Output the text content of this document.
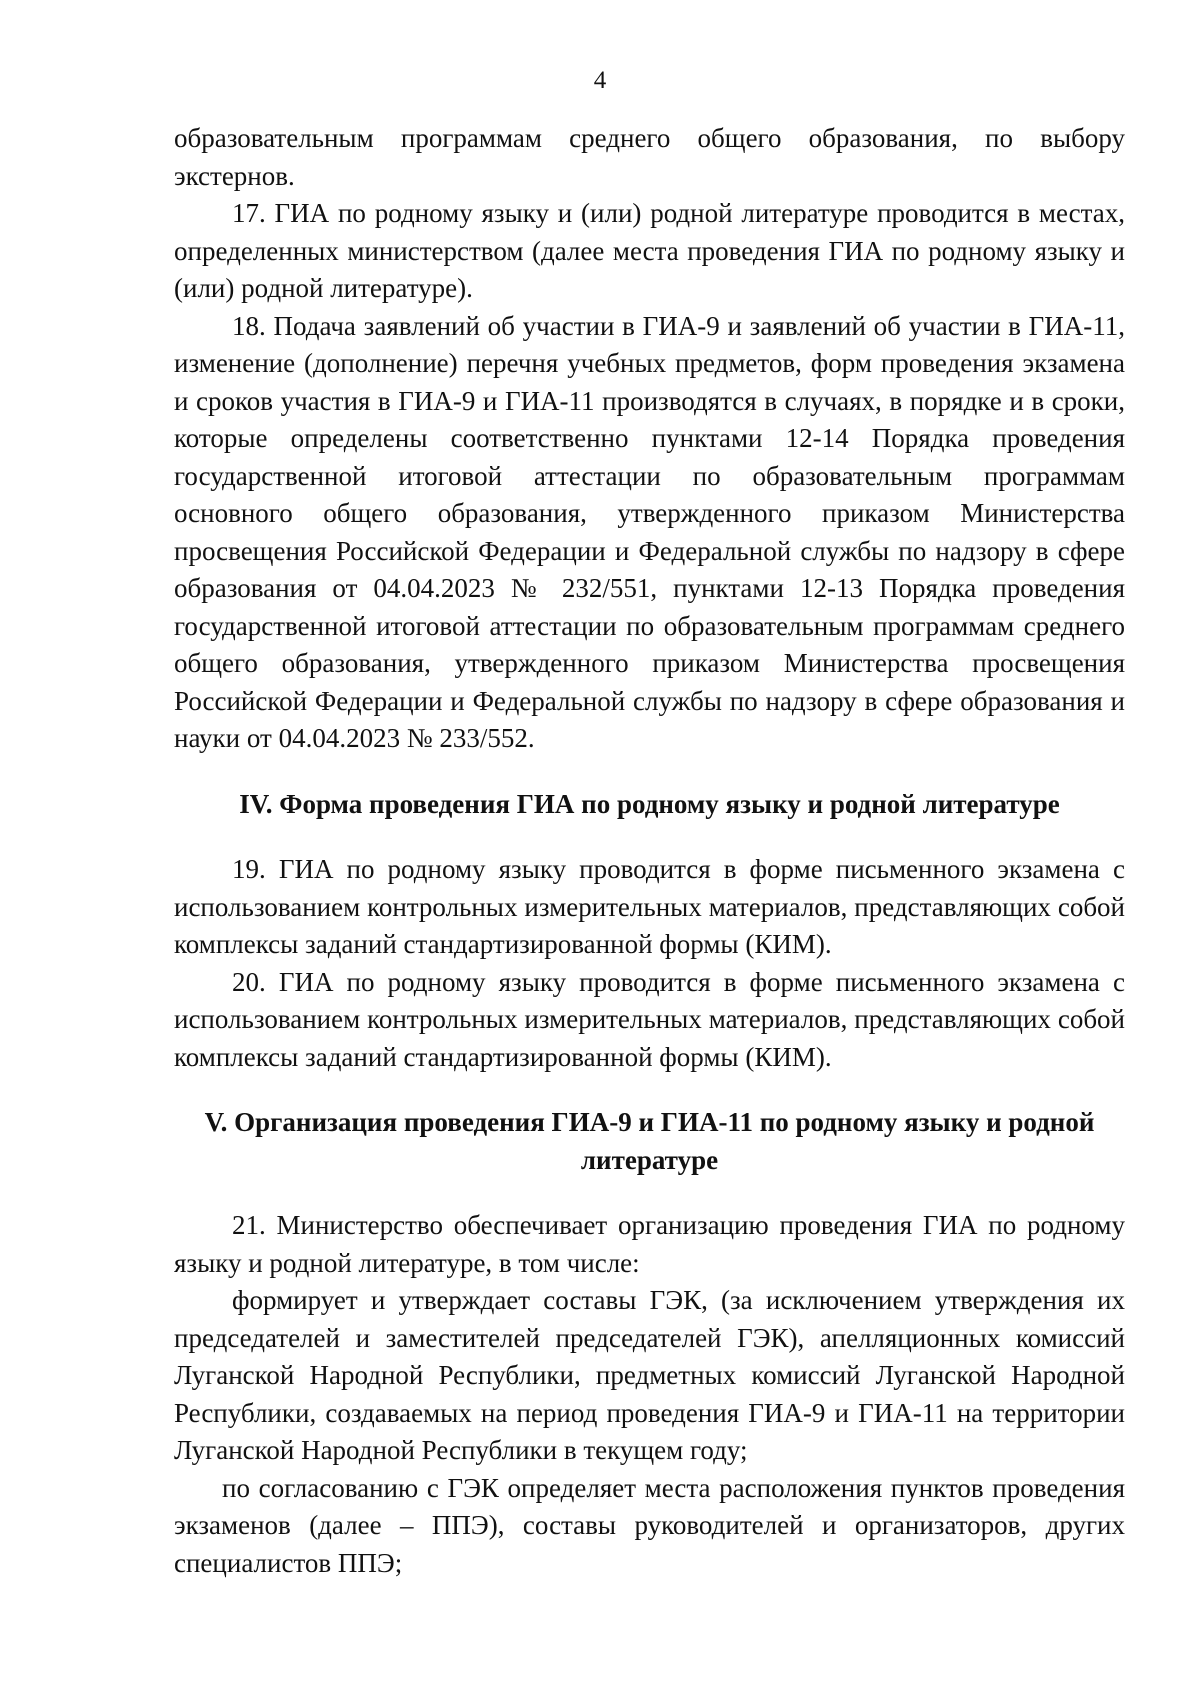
4

образовательным программам среднего общего образования, по выбору экстернов.

17. ГИА по родному языку и (или) родной литературе проводится в местах, определенных министерством (далее места проведения ГИА по родному языку и (или) родной литературе).

18. Подача заявлений об участии в ГИА-9 и заявлений об участии в ГИА-11, изменение (дополнение) перечня учебных предметов, форм проведения экзамена и сроков участия в ГИА-9 и ГИА-11 производятся в случаях, в порядке и в сроки, которые определены соответственно пунктами 12-14 Порядка проведения государственной итоговой аттестации по образовательным программам основного общего образования, утвержденного приказом Министерства просвещения Российской Федерации и Федеральной службы по надзору в сфере образования от 04.04.2023 № 232/551, пунктами 12-13 Порядка проведения государственной итоговой аттестации по образовательным программам среднего общего образования, утвержденного приказом Министерства просвещения Российской Федерации и Федеральной службы по надзору в сфере образования и науки от 04.04.2023 № 233/552.

IV. Форма проведения ГИА по родному языку и родной литературе

19. ГИА по родному языку проводится в форме письменного экзамена с использованием контрольных измерительных материалов, представляющих собой комплексы заданий стандартизированной формы (КИМ).

20. ГИА по родному языку проводится в форме письменного экзамена с использованием контрольных измерительных материалов, представляющих собой комплексы заданий стандартизированной формы (КИМ).

V. Организация проведения ГИА-9 и ГИА-11 по родному языку и родной литературе

21. Министерство обеспечивает организацию проведения ГИА по родному языку и родной литературе, в том числе:

формирует и утверждает составы ГЭК, (за исключением утверждения их председателей и заместителей председателей ГЭК), апелляционных комиссий Луганской Народной Республики, предметных комиссий Луганской Народной Республики, создаваемых на период проведения ГИА-9 и ГИА-11 на территории Луганской Народной Республики в текущем году;

по согласованию с ГЭК определяет места расположения пунктов проведения экзаменов (далее – ППЭ), составы руководителей и организаторов, других специалистов ППЭ;
